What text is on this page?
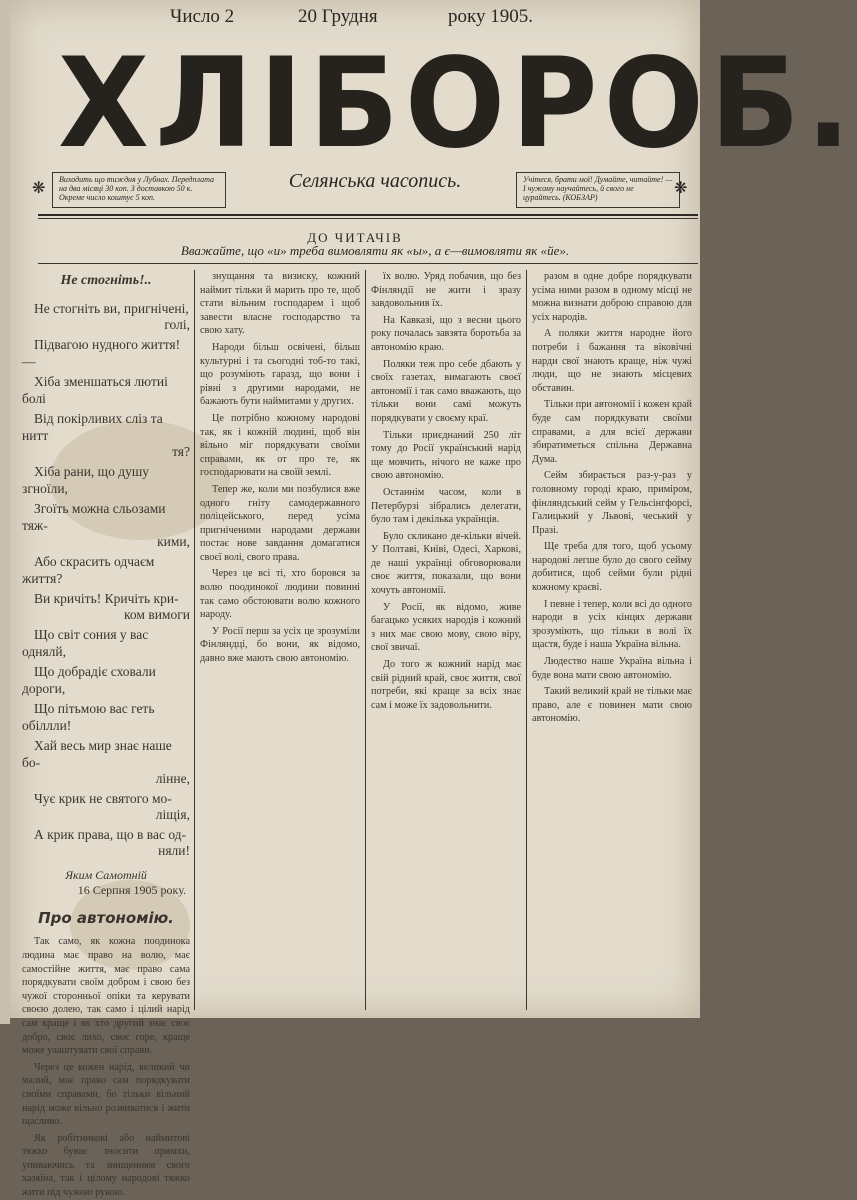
Число 2	20 Грудня	року 1905.
ХЛІБОРОБ.
❋
Виходить що тиждня у Лубнах. Передплата на два місяці 30 коп. З доставкою 50 к. Окреме число коштує 5 коп.
Селянська часопись.	Учітеся, брати мої! Думайте, читайте! — І чужому научайтесь, й свого не цурайтесь. (КОБЗАР)
❋
ДО ЧИТАЧІВ
Вважайте, що «и» треба вимовляти як «ы», а є—вимовляти як «йе».
Не стогніть!..

Не стогніть ви, пригнічені,

голі,

Підвагою нудного життя!—

Хіба зменшаться лютиі болі

Від покірливих сліз та нитт

тя?

Хіба рани, що душу згноїли,

Згоїть можна сльозами тяж-

кими,

Або скрасить одчаєм життя?

Ви кричіть! Кричіть кри-

ком вимоги

Що світ сония у вас однялй,

Що добрадіє сховали дороги,

Що пітьмою вас геть обіллли!

Хай весь мир знає наше бо-

лінне,

Чує крик не святого мо-

ліщія,

А крик права, що в вас од-

няли!

Яким Самотній
16 Серпня 1905 року.
Про автономію.

Так само, як кожна поодинока людина має право на волю, має самостійне життя, має право сама порядкувати своїм добром і свою без чужої сторонньої опіки та керувати своєю долею, так само і цілий нарід сам краще і як хто другий знає своє добро, своє лихо, своє горе, краще може улаштувати свої справи.

Через це кожен нарід, великий чи малий, має право сам порядкувати своїми справами, бо тільки вільний нарід може вільно розвиватися і жити щасливо.

Як робітникові або наймитові тяжко буває зносити примхи, упиваючись та знищенням свого хазяїна, так і цілому народові тяжко жити під чужою рукою.

знущання та визиску, кожний наймит тільки й марить про те, щоб стати вільним господарем і щоб завести власне господарство та свою хату.

Народи більш освічені, більш культурні і та сьогодні тоб-то такі, що розуміють гаразд, що вони і рівні з другими народами, не бажають бути наймитами у других.

Це потрібно кожному народові так, як і кожній людині, щоб він вільно міг порядкувати своїми справами, як от про те, як господарювати на своїй землі.

Тепер же, коли ми позбулися вже одного гніту самодержавного поліцейського, перед усіма пригніченими народами держави постає нове завдання домагатися своєї волі, свого права.

Через це всі ті, хто боровся за волю поодинокої людини повинні так само обстоювати волю кожного народу.

У Росії перш за усіх це зрозуміли Фінляндці, бо вони, як відомо, давно вже мають свою автономію.

їх волю. Уряд побачив, що без Фінляндії не жити і зразу завдовольнив їх.

На Кавказі, що з весни цього року почалась завзята боротьба за автономію краю.

Поляки теж про себе дбають у своїх газетах, вимагають своєї автономії і так само вважають, що тільки вони самі можуть порядкувати у своєму краї.

Тільки приєднаний 250 літ тому до Росії український нарід ще мовчить, нічого не каже про свою автономію.

Останнім часом, коли в Петербурзі зібрались делегати, було там і декілька українців.

Було скликано де-кільки вічей. У Полтаві, Київі, Одесі, Харкові, де наші українці обговорювали своє життя, показали, що вони хочуть автономії.

У Росії, як відомо, живе багацько усяких народів і кожний з них має свою мову, свою віру, свої звичаї.

До того ж кожний нарід має свій рідний край, своє життя, свої потреби, які краще за всіх знає сам і може їх задовольнити.

разом в одне добре порядкувати усіма ними разом в одному місці не можна визнати доброю справою для усіх народів.

А поляки життя народне його потреби і бажання та віковічні нарди свої знають краще, ніж чужі люди, що не знають місцевих обставин.

Тільки при автономії і кожен край буде сам порядкувати своїми справами, а для всієї держави збиратиметься спільна Державна Дума.

Сейм збирається раз-у-раз у головному городі краю, приміром, фінляндський сейм у Гельсінгфорсі, Галицький у Львові, чеський у Празі.

Ще треба для того, щоб усьому народові легше було до свого сейму добитися, щоб сейми були рідні кожному краєві.

І певне і тепер, коли всі до одного народи в усіх кінцях держави зрозуміють, що тільки в волі їх щастя, буде і наша Україна вільна.

Людество наше Україна вільна і буде вона мати свою автономію.

Такий великий край не тільки має право, але є повинен мати свою автономію.
